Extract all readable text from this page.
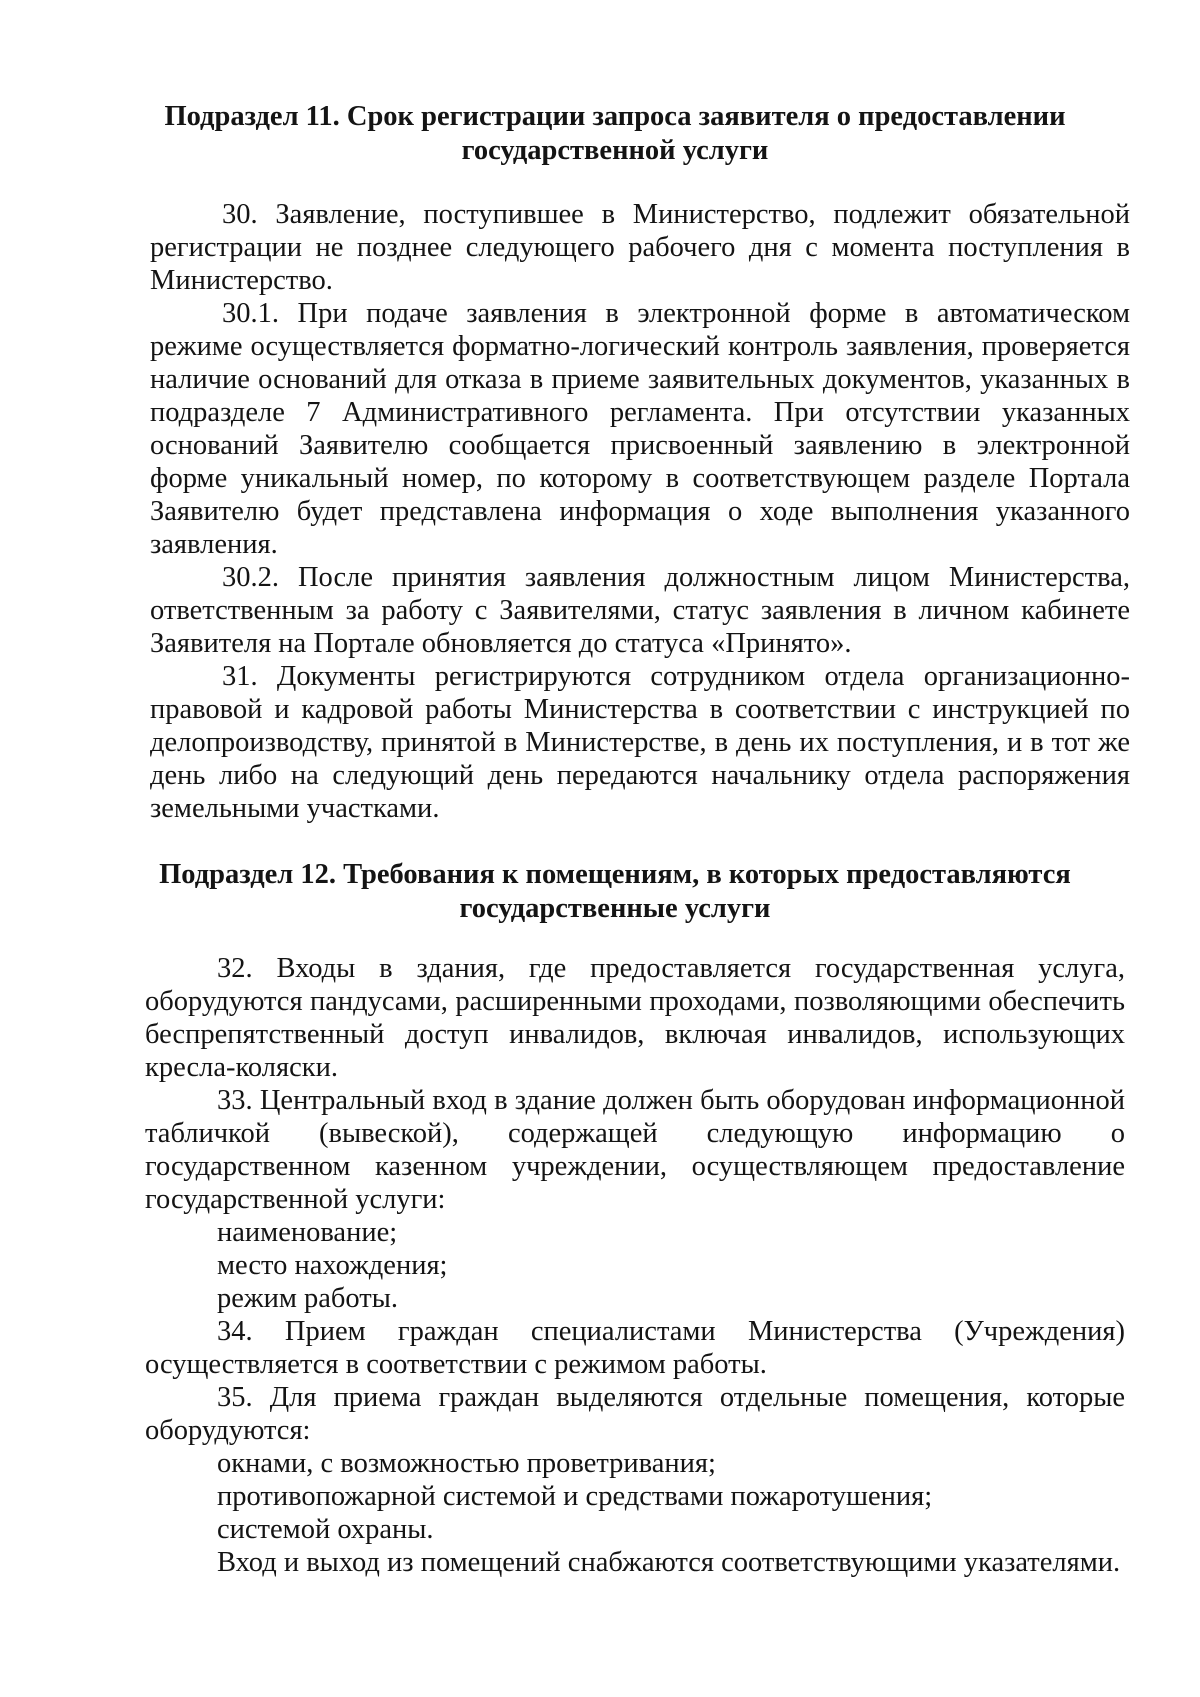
Подраздел 11. Срок регистрации запроса заявителя о предоставлении
государственной услуги

30. Заявление, поступившее в Министерство, подлежит обязательной регистрации не позднее следующего рабочего дня с момента поступления в Министерство.

30.1. При подаче заявления в электронной форме в автоматическом режиме осуществляется форматно-логический контроль заявления, проверяется наличие оснований для отказа в приеме заявительных документов, указанных в подразделе 7 Административного регламента. При отсутствии указанных оснований Заявителю сообщается присвоенный заявлению в электронной форме уникальный номер, по которому в соответствующем разделе Портала Заявителю будет представлена информация о ходе выполнения указанного заявления.

30.2. После принятия заявления должностным лицом Министерства, ответственным за работу с Заявителями, статус заявления в личном кабинете Заявителя на Портале обновляется до статуса «Принято».

31. Документы регистрируются сотрудником отдела организационно-правовой и кадровой работы Министерства в соответствии с инструкцией по делопроизводству, принятой в Министерстве, в день их поступления, и в тот же день либо на следующий день передаются начальнику отдела распоряжения земельными участками.

Подраздел 12. Требования к помещениям, в которых предоставляются
государственные услуги

32. Входы в здания, где предоставляется государственная услуга, оборудуются пандусами, расширенными проходами, позволяющими обеспечить беспрепятственный доступ инвалидов, включая инвалидов, использующих кресла-коляски.

33. Центральный вход в здание должен быть оборудован информационной табличкой (вывеской), содержащей следующую информацию о государственном казенном учреждении, осуществляющем предоставление государственной услуги:

наименование;

место нахождения;

режим работы.

34. Прием граждан специалистами Министерства (Учреждения) осуществляется в соответствии с режимом работы.

35. Для приема граждан выделяются отдельные помещения, которые оборудуются:

окнами, с возможностью проветривания;

противопожарной системой и средствами пожаротушения;

системой охраны.

Вход и выход из помещений снабжаются соответствующими указателями.
